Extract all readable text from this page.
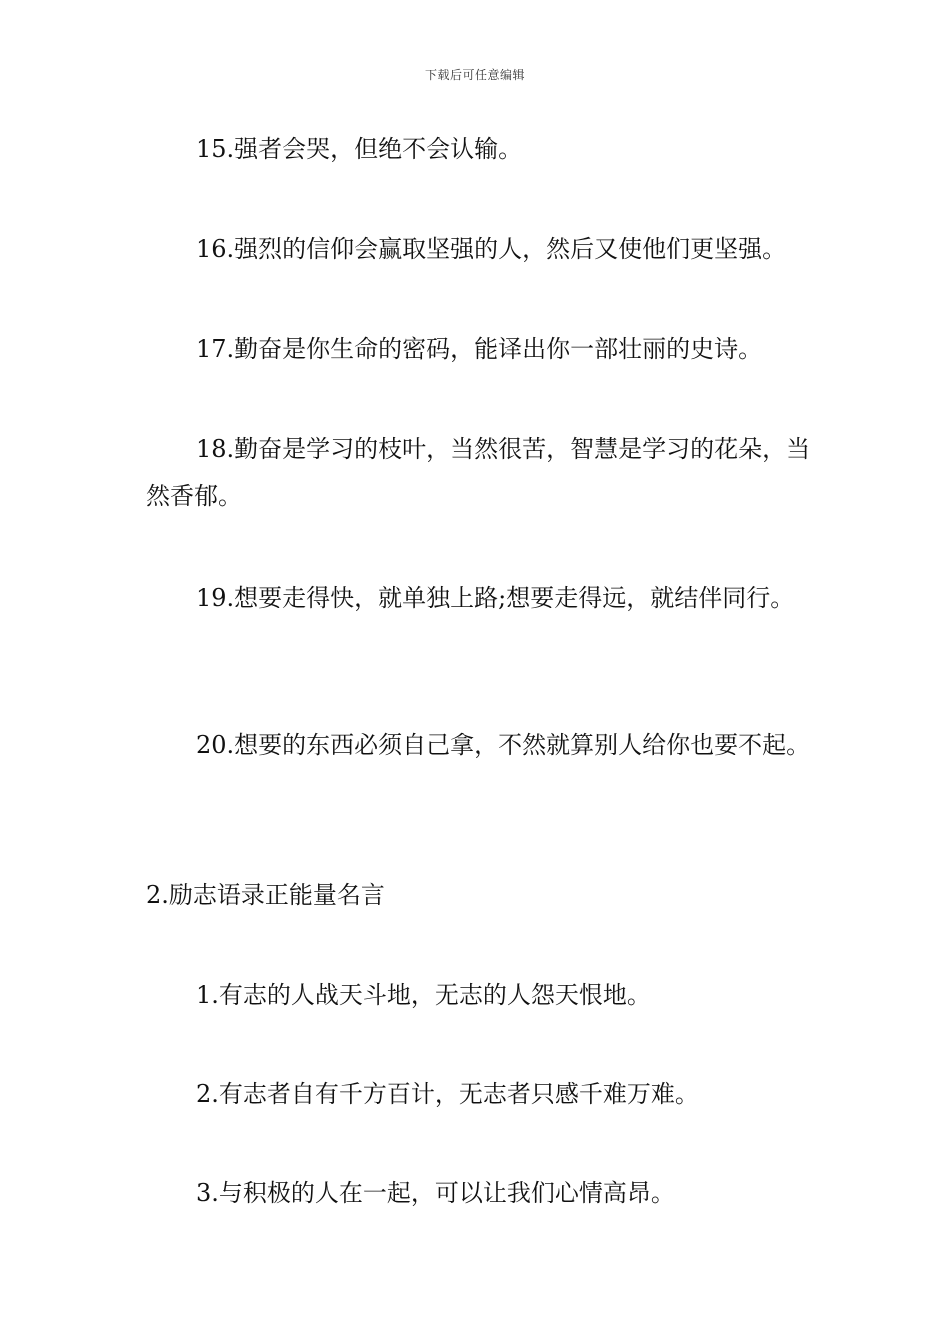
下载后可任意编辑
15.强者会哭，但绝不会认输。
16.强烈的信仰会赢取坚强的人，然后又使他们更坚强。
17.勤奋是你生命的密码，能译出你一部壮丽的史诗。
18.勤奋是学习的枝叶，当然很苦，智慧是学习的花朵，当然香郁。
19.想要走得快，就单独上路;想要走得远，就结伴同行。
20.想要的东西必须自己拿，不然就算别人给你也要不起。
2.励志语录正能量名言
1.有志的人战天斗地，无志的人怨天恨地。
2.有志者自有千方百计，无志者只感千难万难。
3.与积极的人在一起，可以让我们心情高昂。
